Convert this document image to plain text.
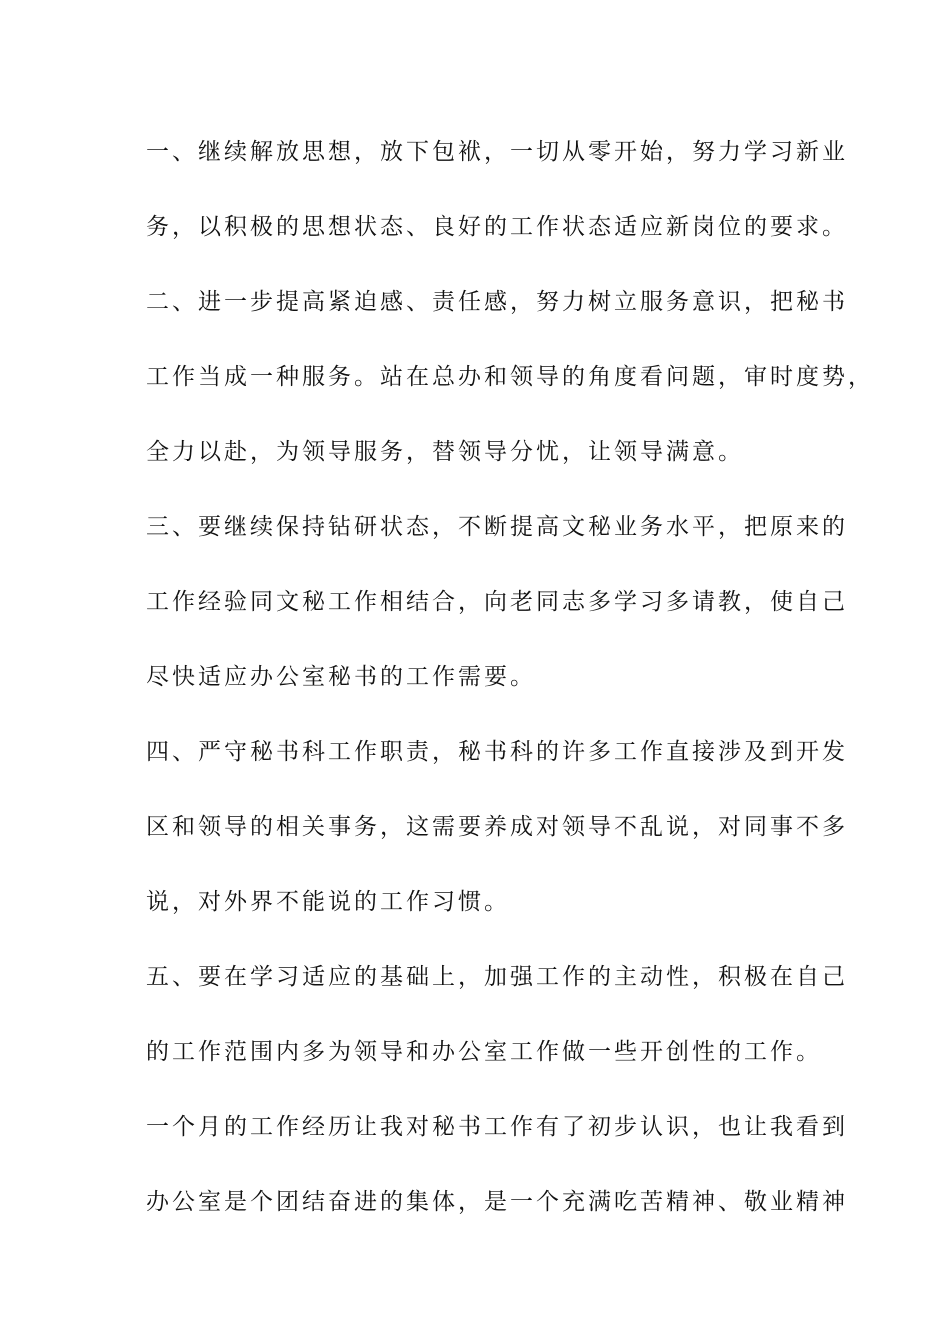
一、继续解放思想，放下包袱，一切从零开始，努力学习新业
务，以积极的思想状态、良好的工作状态适应新岗位的要求。
二、进一步提高紧迫感、责任感，努力树立服务意识，把秘书
工作当成一种服务。站在总办和领导的角度看问题，审时度势，
全力以赴，为领导服务，替领导分忧，让领导满意。
三、要继续保持钻研状态，不断提高文秘业务水平，把原来的
工作经验同文秘工作相结合，向老同志多学习多请教，使自己
尽快适应办公室秘书的工作需要。
四、严守秘书科工作职责，秘书科的许多工作直接涉及到开发
区和领导的相关事务，这需要养成对领导不乱说，对同事不多
说，对外界不能说的工作习惯。
五、要在学习适应的基础上，加强工作的主动性，积极在自己
的工作范围内多为领导和办公室工作做一些开创性的工作。
一个月的工作经历让我对秘书工作有了初步认识，也让我看到
办公室是个团结奋进的集体，是一个充满吃苦精神、敬业精神
